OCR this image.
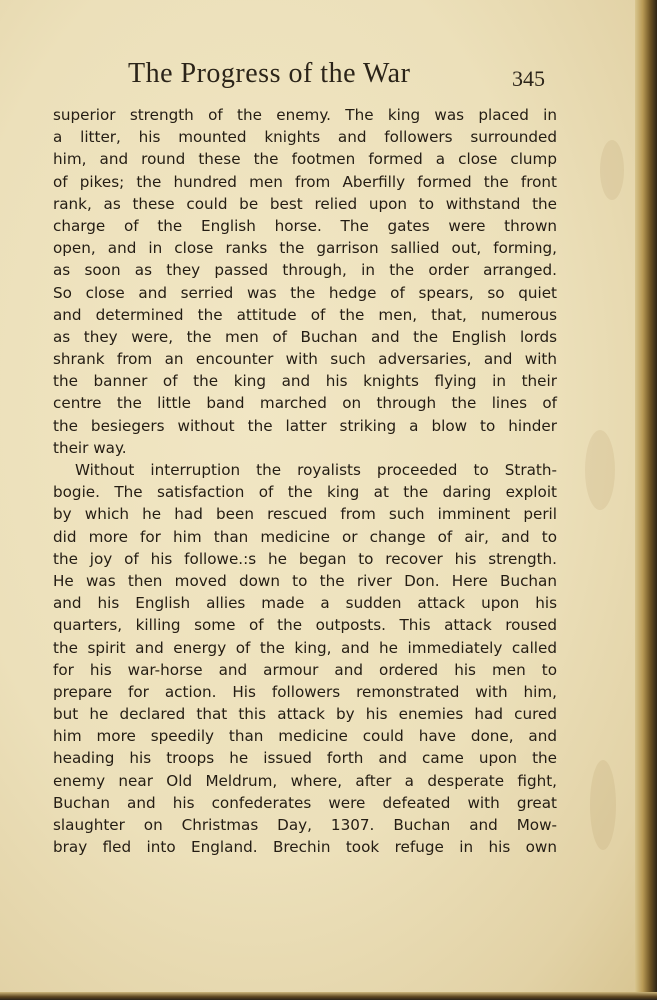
The Progress of the War	345
superior strength of the enemy. The king was placed in
a litter, his mounted knights and followers surrounded
him, and round these the footmen formed a close clump
of pikes; the hundred men from Aberfilly formed the front
rank, as these could be best relied upon to withstand the
charge of the English horse. The gates were thrown
open, and in close ranks the garrison sallied out, forming,
as soon as they passed through, in the order arranged.
So close and serried was the hedge of spears, so quiet
and determined the attitude of the men, that, numerous
as they were, the men of Buchan and the English lords
shrank from an encounter with such adversaries, and with
the banner of the king and his knights flying in their
centre the little band marched on through the lines of
the besiegers without the latter striking a blow to hinder
their way.
Without interruption the royalists proceeded to Strath-
bogie. The satisfaction of the king at the daring exploit
by which he had been rescued from such imminent peril
did more for him than medicine or change of air, and to
the joy of his followe.:s he began to recover his strength.
He was then moved down to the river Don. Here Buchan
and his English allies made a sudden attack upon his
quarters, killing some of the outposts. This attack roused
the spirit and energy of the king, and he immediately called
for his war-horse and armour and ordered his men to
prepare for action. His followers remonstrated with him,
but he declared that this attack by his enemies had cured
him more speedily than medicine could have done, and
heading his troops he issued forth and came upon the
enemy near Old Meldrum, where, after a desperate fight,
Buchan and his confederates were defeated with great
slaughter on Christmas Day, 1307. Buchan and Mow-
bray fled into England. Brechin took refuge in his own
